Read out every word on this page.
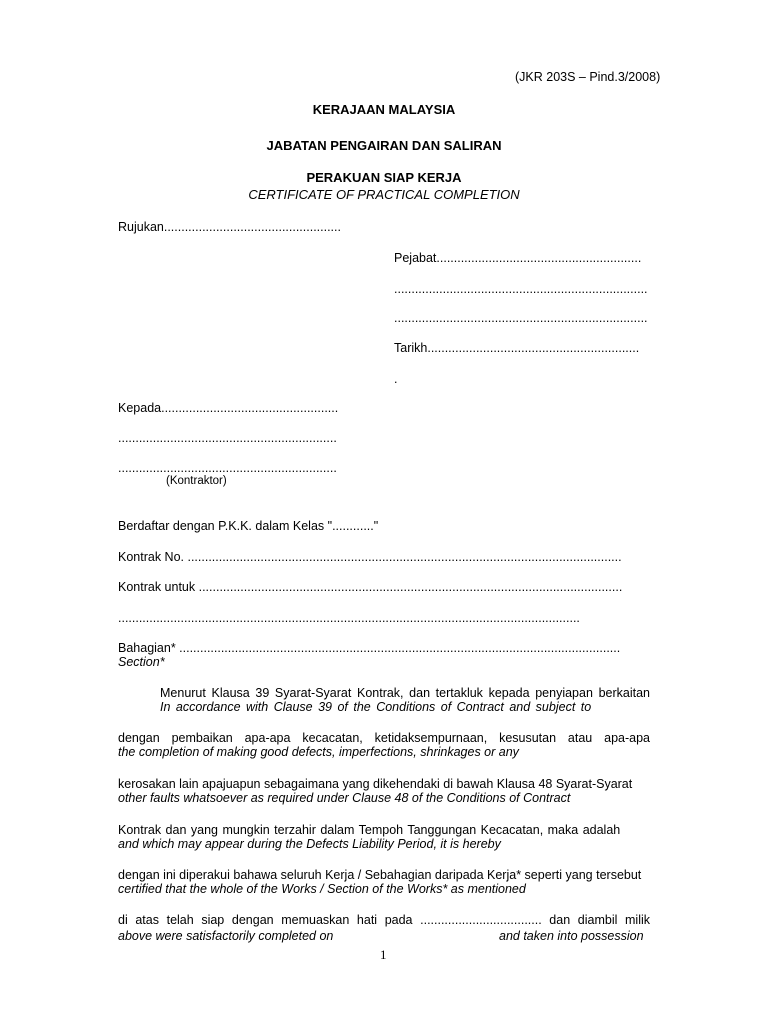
(JKR 203S – Pind.3/2008)
KERAJAAN MALAYSIA
JABATAN PENGAIRAN DAN SALIRAN
PERAKUAN SIAP KERJA
CERTIFICATE OF PRACTICAL COMPLETION
Rujukan...................................................
Pejabat...........................................................
.........................................................................
.........................................................................
Tarikh.............................................................
.
Kepada...................................................
...............................................................
...............................................................
(Kontraktor)
Berdaftar dengan P.K.K. dalam Kelas "............"
Kontrak No. .............................................................................................................................
Kontrak untuk ..........................................................................................................................
.....................................................................................................................................
Bahagian* ...............................................................................................................................
Section*
Menurut Klausa 39 Syarat-Syarat Kontrak, dan tertakluk kepada penyiapan berkaitan
In accordance with Clause 39 of the Conditions of Contract and subject to
dengan pembaikan apa-apa kecacatan, ketidaksempurnaan, kesusutan atau apa-apa
the completion of making good defects, imperfections, shrinkages or any
kerosakan lain apajuapun sebagaimana yang dikehendaki di bawah Klausa 48 Syarat-Syarat
other faults whatsoever as required under Clause 48 of the Conditions of Contract
Kontrak dan yang mungkin terzahir dalam Tempoh Tanggungan Kecacatan, maka adalah
and which may appear during the Defects Liability Period, it is hereby
dengan ini diperakui bahawa seluruh Kerja / Sebahagian daripada Kerja* seperti yang tersebut
certified that the whole of the Works / Section of the Works* as mentioned
di atas telah siap dengan memuaskan hati pada ................................... dan diambil milik
above were satisfactorily completed on	and taken into possession
1
